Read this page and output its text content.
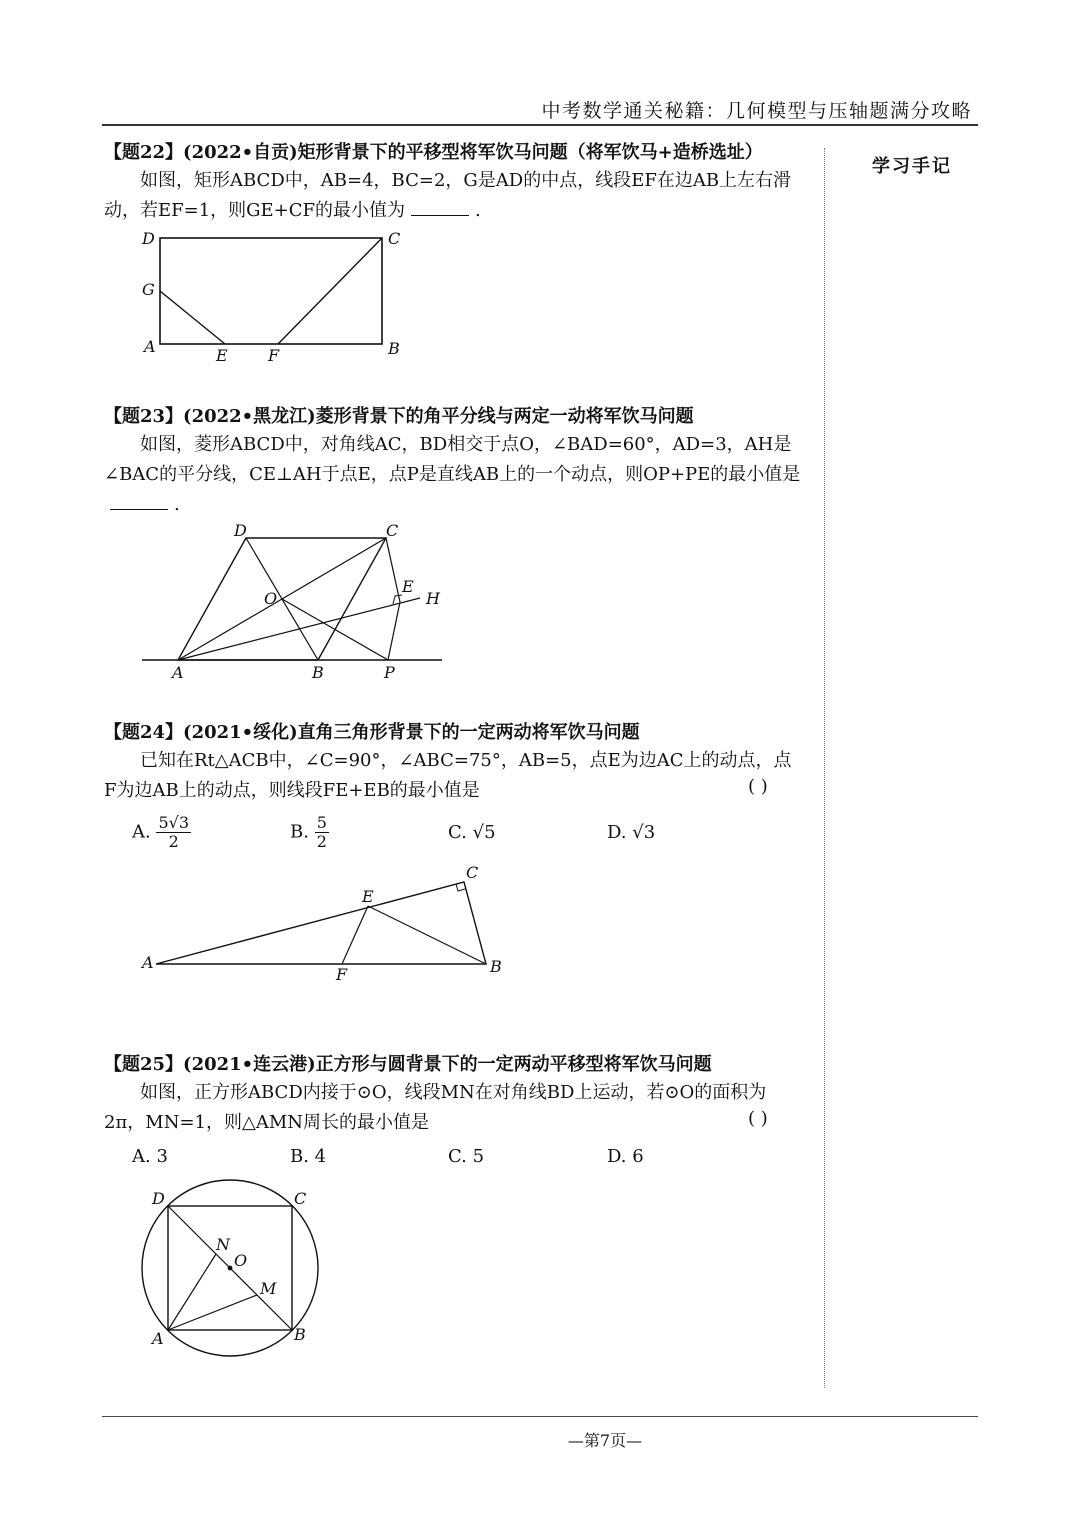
中考数学通关秘籍：几何模型与压轴题满分攻略
学习手记
【题22】(2022•自贡)矩形背景下的平移型将军饮马问题（将军饮马+造桥选址）
如图，矩形ABCD中，AB=4，BC=2，G是AD的中点，线段EF在边AB上左右滑动，若EF=1，则GE+CF的最小值为	.
D	C
G
A	E	F	B
【题23】(2022•黑龙江)菱形背景下的角平分线与两定一动将军饮马问题
如图，菱形ABCD中，对角线AC，BD相交于点O，∠BAD=60°，AD=3，AH是∠BAC的平分线，CE⊥AH于点E，点P是直线AB上的一个动点，则OP+PE的最小值是.
D	C
O
E
H
A	B	P
【题24】(2021•绥化)直角三角形背景下的一定两动将军饮马问题
已知在Rt△ACB中，∠C=90°，∠ABC=75°，AB=5，点E为边AC上的动点，点F为边AB上的动点，则线段FE+EB的最小值是	( )
A. $\frac{5√3}{2}$	B. $\frac{5}{2}$	C. √5	D. √3
A	B
C
E
F
【题25】(2021•连云港)正方形与圆背景下的一定两动平移型将军饮马问题
如图，正方形ABCD内接于⊙O，线段MN在对角线BD上运动，若⊙O的面积为2π，MN=1，则△AMN周长的最小值是	( )
A. 3	B. 4	C. 5	D. 6
D	C
N
O
M
A	B
—第7页—
